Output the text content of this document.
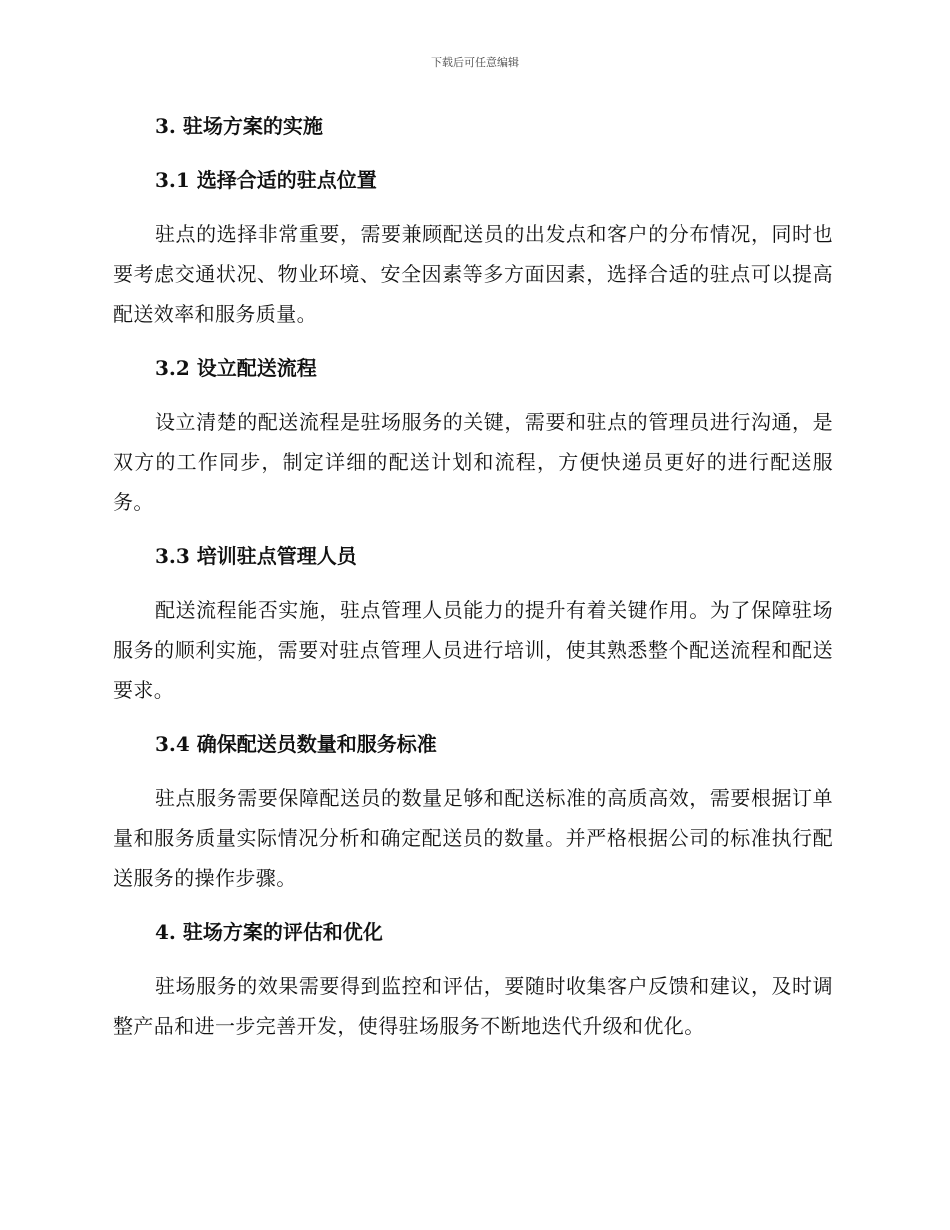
下载后可任意编辑
3. 驻场方案的实施
3.1 选择合适的驻点位置

驻点的选择非常重要，需要兼顾配送员的出发点和客户的分布情况，同时也要考虑交通状况、物业环境、安全因素等多方面因素，选择合适的驻点可以提高配送效率和服务质量。

3.2 设立配送流程

设立清楚的配送流程是驻场服务的关键，需要和驻点的管理员进行沟通，是双方的工作同步，制定详细的配送计划和流程，方便快递员更好的进行配送服务。

3.3 培训驻点管理人员

配送流程能否实施，驻点管理人员能力的提升有着关键作用。为了保障驻场服务的顺利实施，需要对驻点管理人员进行培训，使其熟悉整个配送流程和配送要求。

3.4 确保配送员数量和服务标准

驻点服务需要保障配送员的数量足够和配送标准的高质高效，需要根据订单量和服务质量实际情况分析和确定配送员的数量。并严格根据公司的标准执行配送服务的操作步骤。

4. 驻场方案的评估和优化

驻场服务的效果需要得到监控和评估，要随时收集客户反馈和建议，及时调整产品和进一步完善开发，使得驻场服务不断地迭代升级和优化。
